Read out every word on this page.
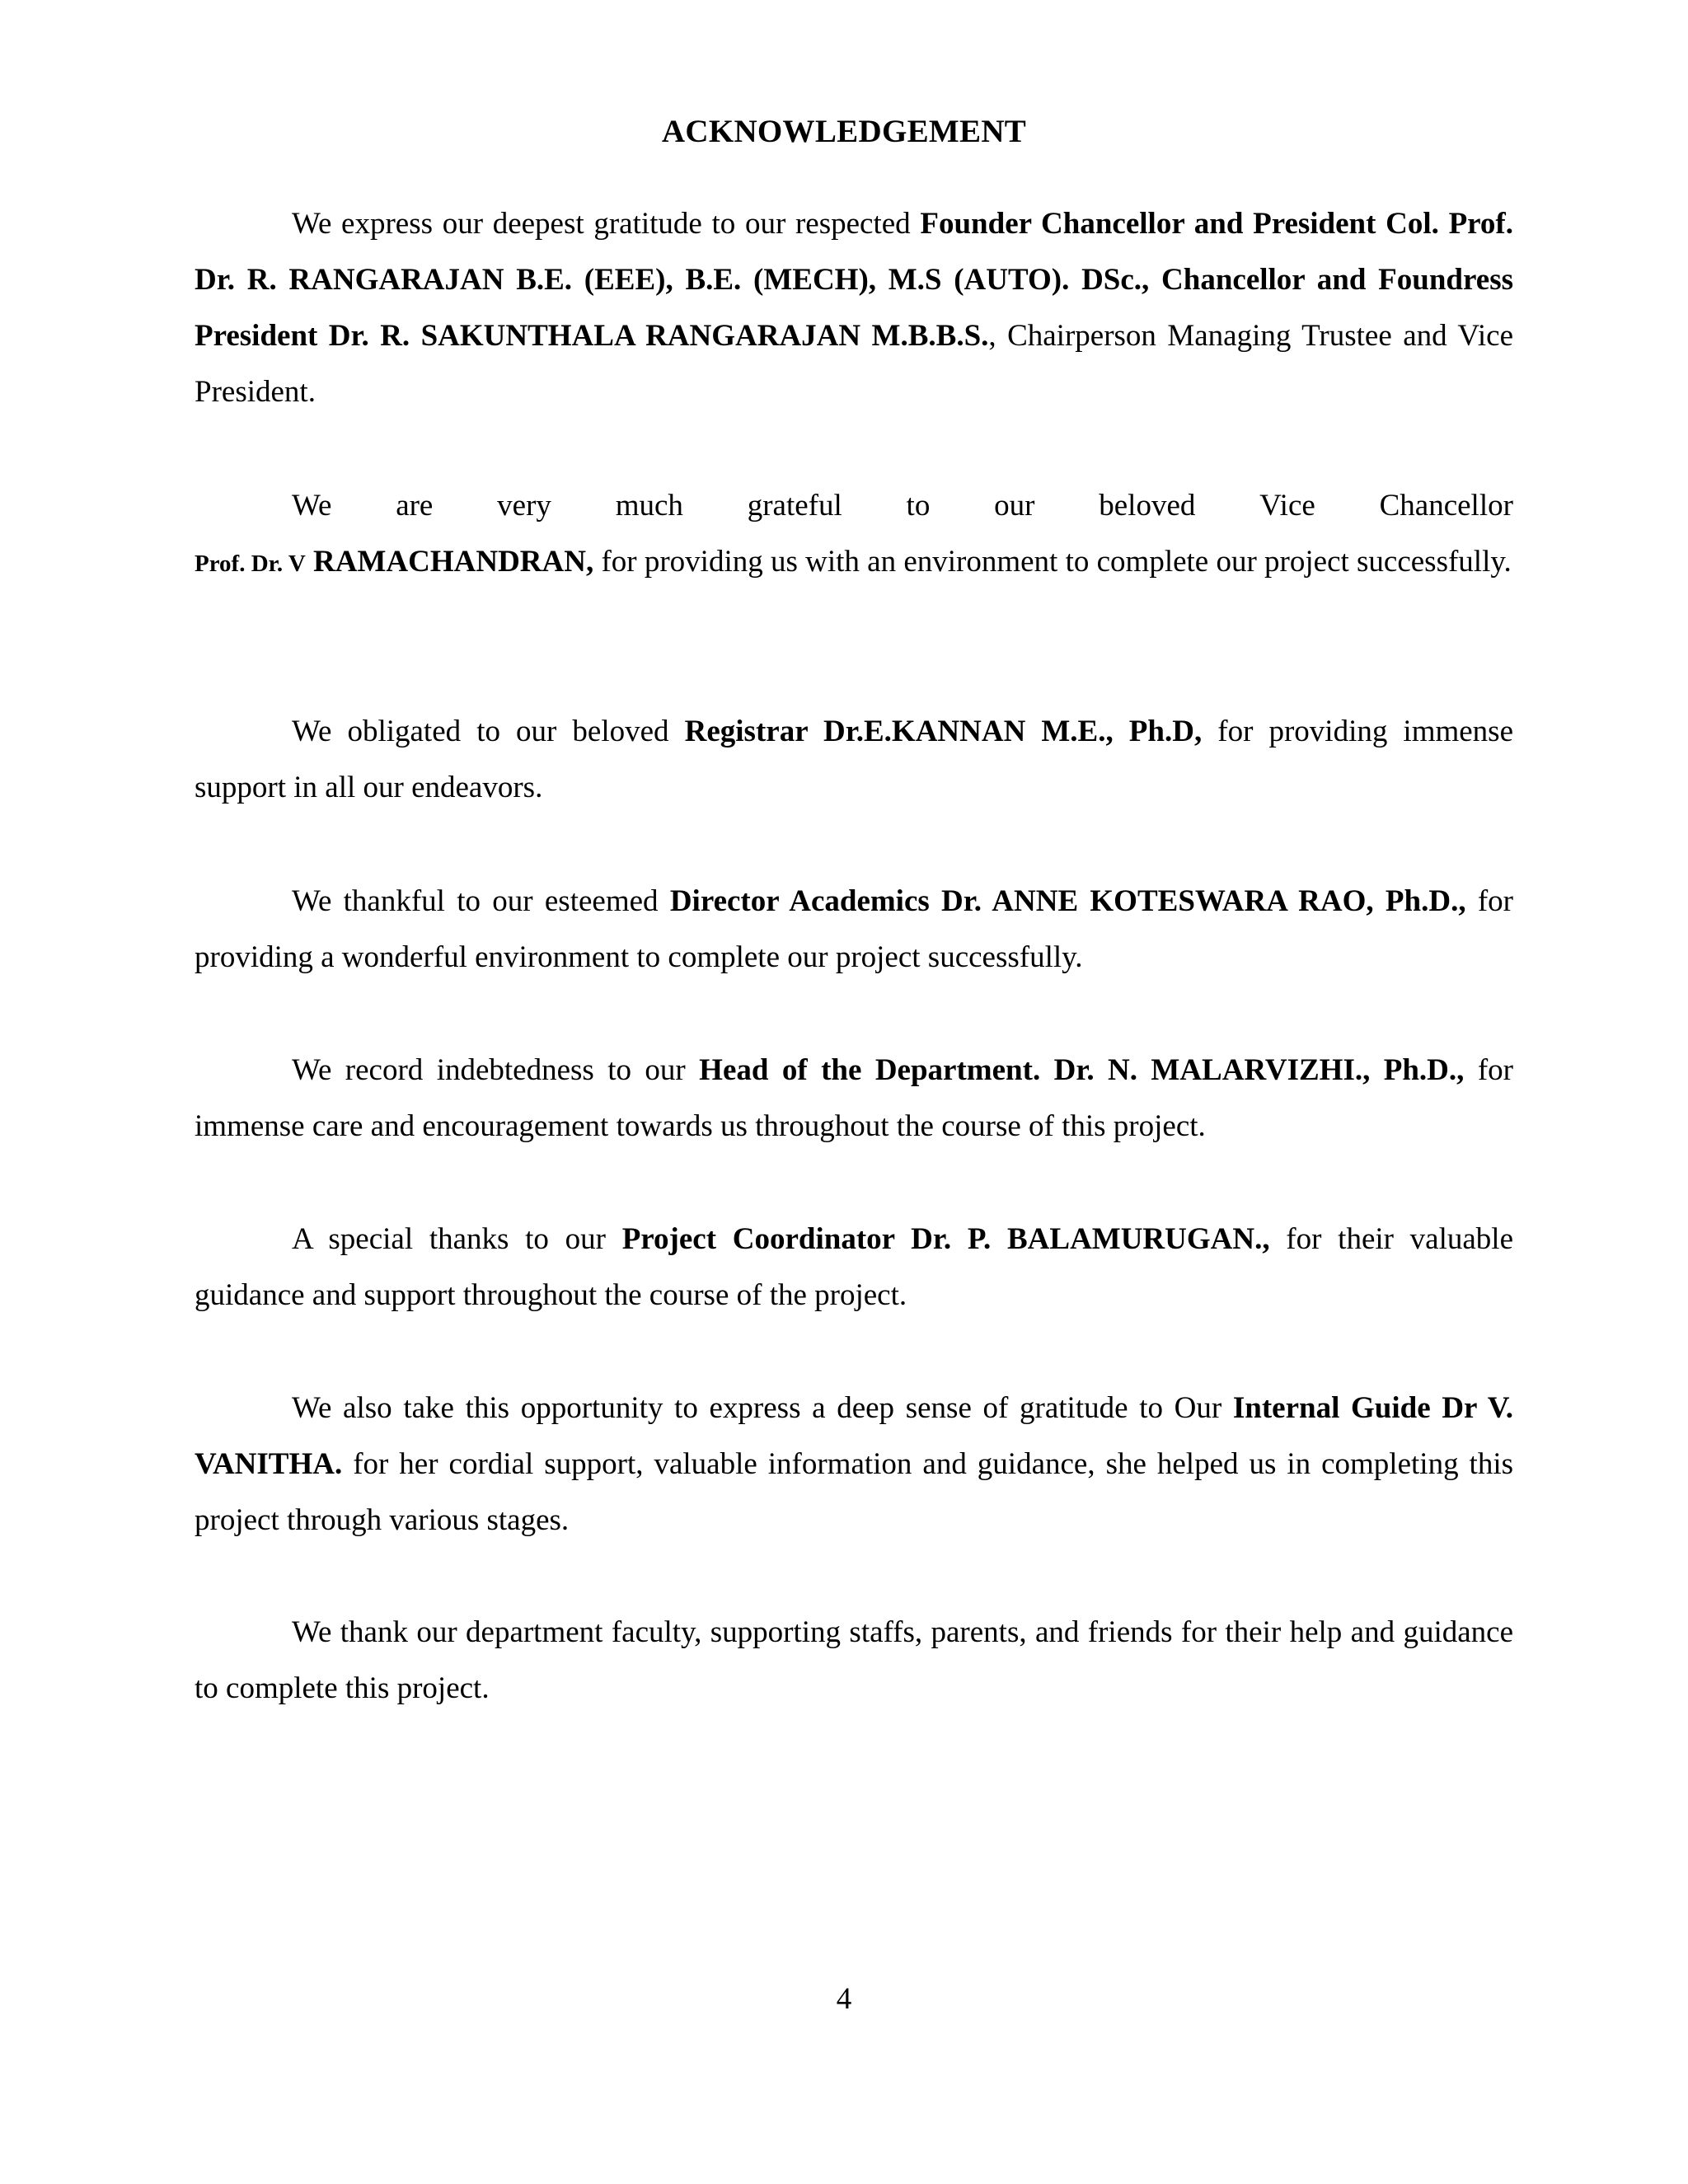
ACKNOWLEDGEMENT
We express our deepest gratitude to our respected Founder Chancellor and President Col. Prof. Dr. R. RANGARAJAN B.E. (EEE), B.E. (MECH), M.S (AUTO). DSc., Chancellor and Foundress President Dr. R. SAKUNTHALA RANGARAJAN M.B.B.S., Chairperson Managing Trustee and Vice President.
We are very much grateful to our beloved Vice Chancellor
Prof. Dr. V RAMACHANDRAN, for providing us with an environment to complete our project successfully.
We obligated to our beloved Registrar Dr.E.KANNAN M.E., Ph.D, for providing immense support in all our endeavors.
We thankful to our esteemed Director Academics Dr. ANNE KOTESWARA RAO, Ph.D., for providing a wonderful environment to complete our project successfully.
We record indebtedness to our Head of the Department. Dr. N. MALARVIZHI., Ph.D., for immense care and encouragement towards us throughout the course of this project.
A special thanks to our Project Coordinator Dr. P. BALAMURUGAN., for their valuable guidance and support throughout the course of the project.
We also take this opportunity to express a deep sense of gratitude to Our Internal Guide Dr V. VANITHA. for her cordial support, valuable information and guidance, she helped us in completing this project through various stages.
We thank our department faculty, supporting staffs, parents, and friends for their help and guidance to complete this project.
4
